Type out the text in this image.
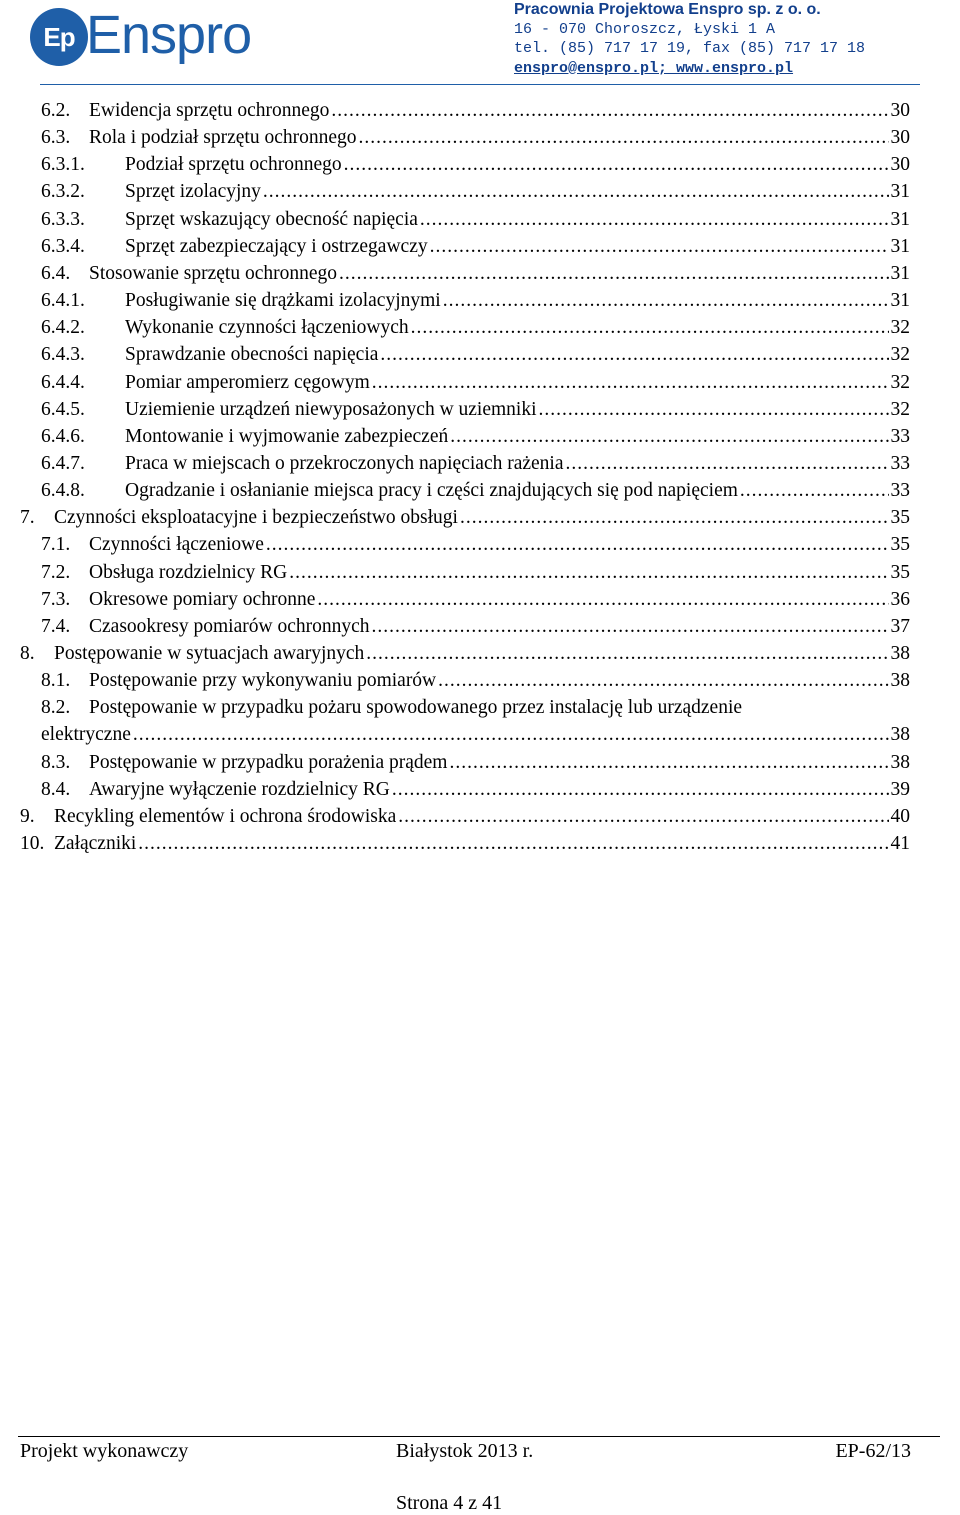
Ep Enspro	Pracownia Projektowa Enspro sp. z o. o.
16 - 070 Choroszcz, Łyski 1 A
tel. (85) 717 17 19, fax (85) 717 17 18
enspro@enspro.pl; www.enspro.pl
6.2. Ewidencja sprzętu ochronnego .....	30
6.3. Rola i podział sprzętu ochronnego .....	30
6.3.1.	Podział sprzętu ochronnego .....	30
6.3.2.	Sprzęt izolacyjny .....	31
6.3.3.	Sprzęt wskazujący obecność napięcia .....	31
6.3.4.	Sprzęt zabezpieczający i ostrzegawczy .....	31
6.4. Stosowanie sprzętu ochronnego .....	31
6.4.1.	Posługiwanie się drążkami izolacyjnymi .....	31
6.4.2.	Wykonanie czynności łączeniowych .....	32
6.4.3.	Sprawdzanie obecności napięcia .....	32
6.4.4.	Pomiar amperomierz cęgowym .....	32
6.4.5.	Uziemienie urządzeń niewyposażonych w uziemniki .....	32
6.4.6.	Montowanie i wyjmowanie zabezpieczeń .....	33
6.4.7.	Praca w miejscach o przekroczonych napięciach rażenia .....	33
6.4.8.	Ogradzanie i osłanianie miejsca pracy i części znajdujących się pod napięciem .....	33
7. Czynności eksploatacyjne i bezpieczeństwo obsługi .....	35
7.1. Czynności łączeniowe .....	35
7.2. Obsługa rozdzielnicy RG .....	35
7.3. Okresowe pomiary ochronne .....	36
7.4. Czasookresy pomiarów ochronnych .....	37
8. Postępowanie w sytuacjach awaryjnych .....	38
8.1. Postępowanie przy wykonywaniu pomiarów .....	38
8.2. Postępowanie w przypadku pożaru spowodowanego przez instalację lub urządzenie
elektryczne .....	38
8.3. Postępowanie w przypadku porażenia prądem .....	38
8.4. Awaryjne wyłączenie rozdzielnicy RG .....	39
9. Recykling elementów i ochrona środowiska .....	40
10. Załączniki .....	41
Projekt wykonawczy	Białystok 2013 r.	EP-62/13
Strona 4 z 41
